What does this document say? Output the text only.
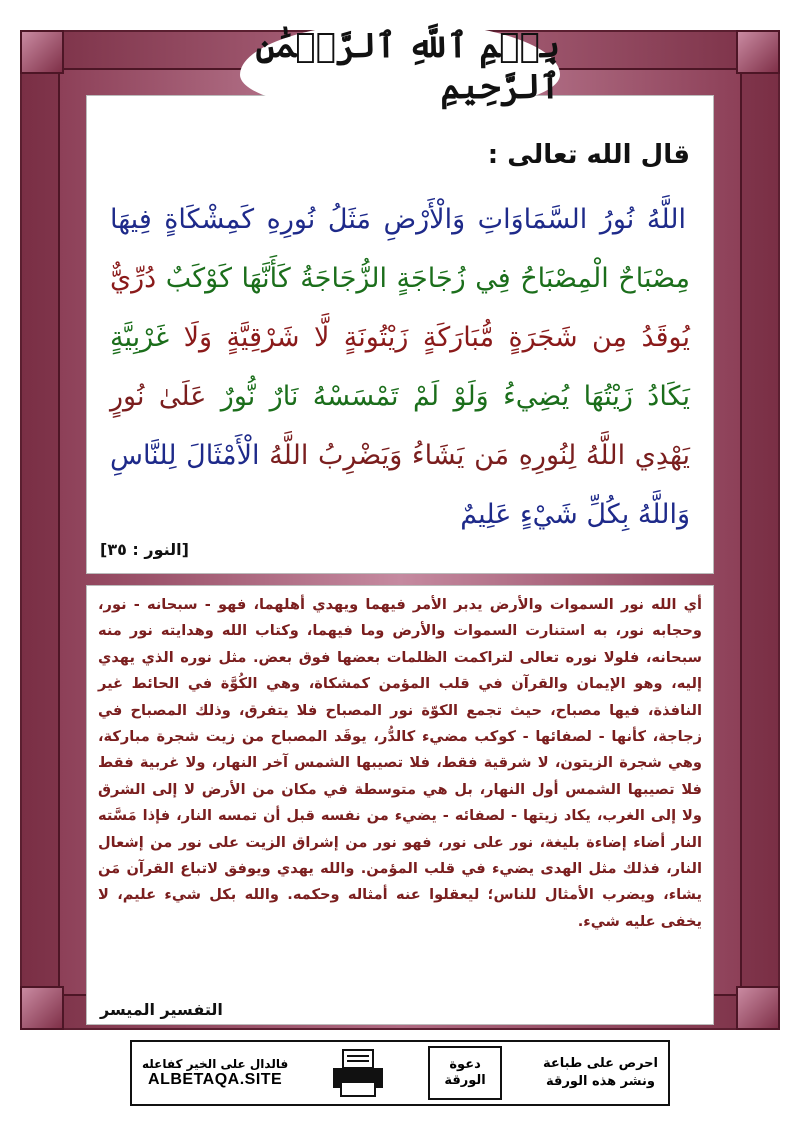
بِسۡمِ ٱللَّهِ ٱلرَّحۡمَٰنِ ٱلرَّحِيمِ
قال الله تعالى :
اللَّهُ نُورُ السَّمَاوَاتِ وَالْأَرْضِ مَثَلُ نُورِهِ كَمِشْكَاةٍ فِيهَا مِصْبَاحٌ الْمِصْبَاحُ فِي زُجَاجَةٍ الزُّجَاجَةُ كَأَنَّهَا كَوْكَبٌ دُرِّيٌّ يُوقَدُ مِن شَجَرَةٍ مُّبَارَكَةٍ زَيْتُونَةٍ لَّا شَرْقِيَّةٍ وَلَا غَرْبِيَّةٍ يَكَادُ زَيْتُهَا يُضِيءُ وَلَوْ لَمْ تَمْسَسْهُ نَارٌ نُّورٌ عَلَىٰ نُورٍ يَهْدِي اللَّهُ لِنُورِهِ مَن يَشَاءُ وَيَضْرِبُ اللَّهُ الْأَمْثَالَ لِلنَّاسِ وَاللَّهُ بِكُلِّ شَيْءٍ عَلِيمٌ
[النور : ٣٥]
أي الله نور السموات والأرض يدبر الأمر فيهما ويهدي أهلهما، فهو - سبحانه - نور، وحجابه نور، به استنارت السموات والأرض وما فيهما، وكتاب الله وهدايته نور منه سبحانه، فلولا نوره تعالى لتراكمت الظلمات بعضها فوق بعض. مثل نوره الذي يهدي إليه، وهو الإيمان والقرآن في قلب المؤمن كمشكاة، وهي الكُوَّة في الحائط غير النافذة، فيها مصباح، حيث تجمع الكوّة نور المصباح فلا يتفرق، وذلك المصباح في زجاجة، كأنها - لصفائها - كوكب مضيء كالدُّر، يوقَد المصباح من زيت شجرة مباركة، وهي شجرة الزيتون، لا شرقية فقط، فلا تصيبها الشمس آخر النهار، ولا غربية فقط فلا تصيبها الشمس أول النهار، بل هي متوسطة في مكان من الأرض لا إلى الشرق ولا إلى الغرب، يكاد زيتها - لصفائه - يضيء من نفسه قبل أن تمسه النار، فإذا مَسَّته النار أضاء إضاءة بليغة، نور على نور، فهو نور من إشراق الزيت على نور من إشعال النار، فذلك مثل الهدى يضيء في قلب المؤمن. والله يهدي ويوفق لاتباع القرآن مَن يشاء، ويضرب الأمثال للناس؛ ليعقلوا عنه أمثاله وحكمه. والله بكل شيء عليم، لا يخفى عليه شيء.
التفسير الميسر
فالدال على الخير كفاعله
ALBETAQA.SITE
دعوة الورقة
احرص على طباعة
ونشر هذه الورقة
